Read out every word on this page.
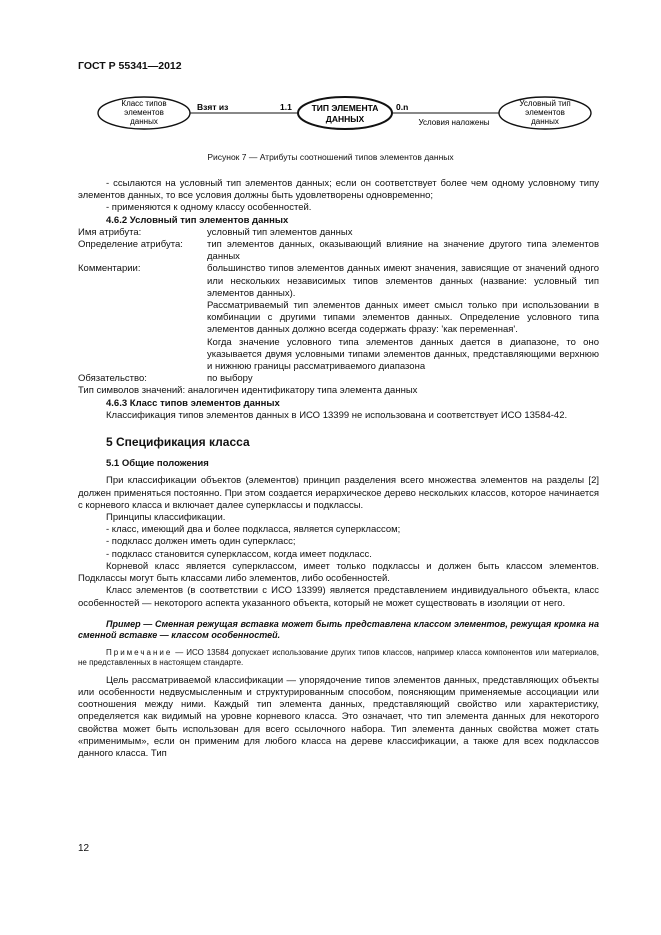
ГОСТ Р 55341—2012
Класс типов
элементов
данных
ТИП ЭЛЕМЕНТА
ДАННЫХ
Условный тип
элементов
данных
Взят из	1.1	0.n
Условия наложены
Рисунок 7 — Атрибуты соотношений типов элементов данных

- ссылаются на условный тип элементов данных; если он соответствует более чем одному условному типу элементов данных, то все условия должны быть удовлетворены одновременно;

- применяются к одному классу особенностей.

4.6.2 Условный тип элементов данных

Имя атрибута:	условный тип элементов данных
Определение атрибута:	тип элементов данных, оказывающий влияние на значение другого типа элементов данных
Комментарии:	большинство типов элементов данных имеют значения, зависящие от значений одного или нескольких независимых типов элементов данных (название: условный тип элементов данных).

Рассматриваемый тип элементов данных имеет смысл только при использовании в комбинации с другими типами элементов данных. Определение условного типа элементов данных должно всегда содержать фразу: 'как переменная'.

Когда значение условного типа элементов данных дается в диапазоне, то оно указывается двумя условными типами элементов данных, представляющими верхнюю и нижнюю границы рассматриваемого диапазона

Обязательство:	по выбору

Тип символов значений: аналогичен идентификатору типа элемента данных

4.6.3 Класс типов элементов данных

Классификация типов элементов данных в ИСО 13399 не использована и соответствует ИСО 13584-42.

5 Спецификация класса

5.1 Общие положения

При классификации объектов (элементов) принцип разделения всего множества элементов на разделы [2] должен применяться постоянно. При этом создается иерархическое дерево нескольких классов, которое начинается с корневого класса и включает далее суперклассы и подклассы.

Принципы классификации.

- класс, имеющий два и более подкласса, является суперклассом;

- подкласс должен иметь один суперкласс;

- подкласс становится суперклассом, когда имеет подкласс.

Корневой класс является суперклассом, имеет только подклассы и должен быть классом элементов. Подклассы могут быть классами либо элементов, либо особенностей.

Класс элементов (в соответствии с ИСО 13399) является представлением индивидуального объекта, класс особенностей — некоторого аспекта указанного объекта, который не может существовать в изоляции от него.

Пример — Сменная режущая вставка может быть представлена классом элементов, режущая кромка на сменной вставке — классом особенностей.

Примечание — ИСО 13584 допускает использование других типов классов, например класса компонентов или материалов, не представленных в настоящем стандарте.

Цель рассматриваемой классификации — упорядочение типов элементов данных, представляющих объекты или особенности недвусмысленным и структурированным способом, поясняющим применяемые ассоциации или соотношения между ними. Каждый тип элемента данных, представляющий свойство или характеристику, определяется как видимый на уровне корневого класса. Это означает, что тип элемента данных для некоторого свойства может быть использован для всего ссылочного набора. Тип элемента данных свойства может стать «применимым», если он применим для любого класса на дереве классификации, а также для всех подклассов данного класса. Тип

12
